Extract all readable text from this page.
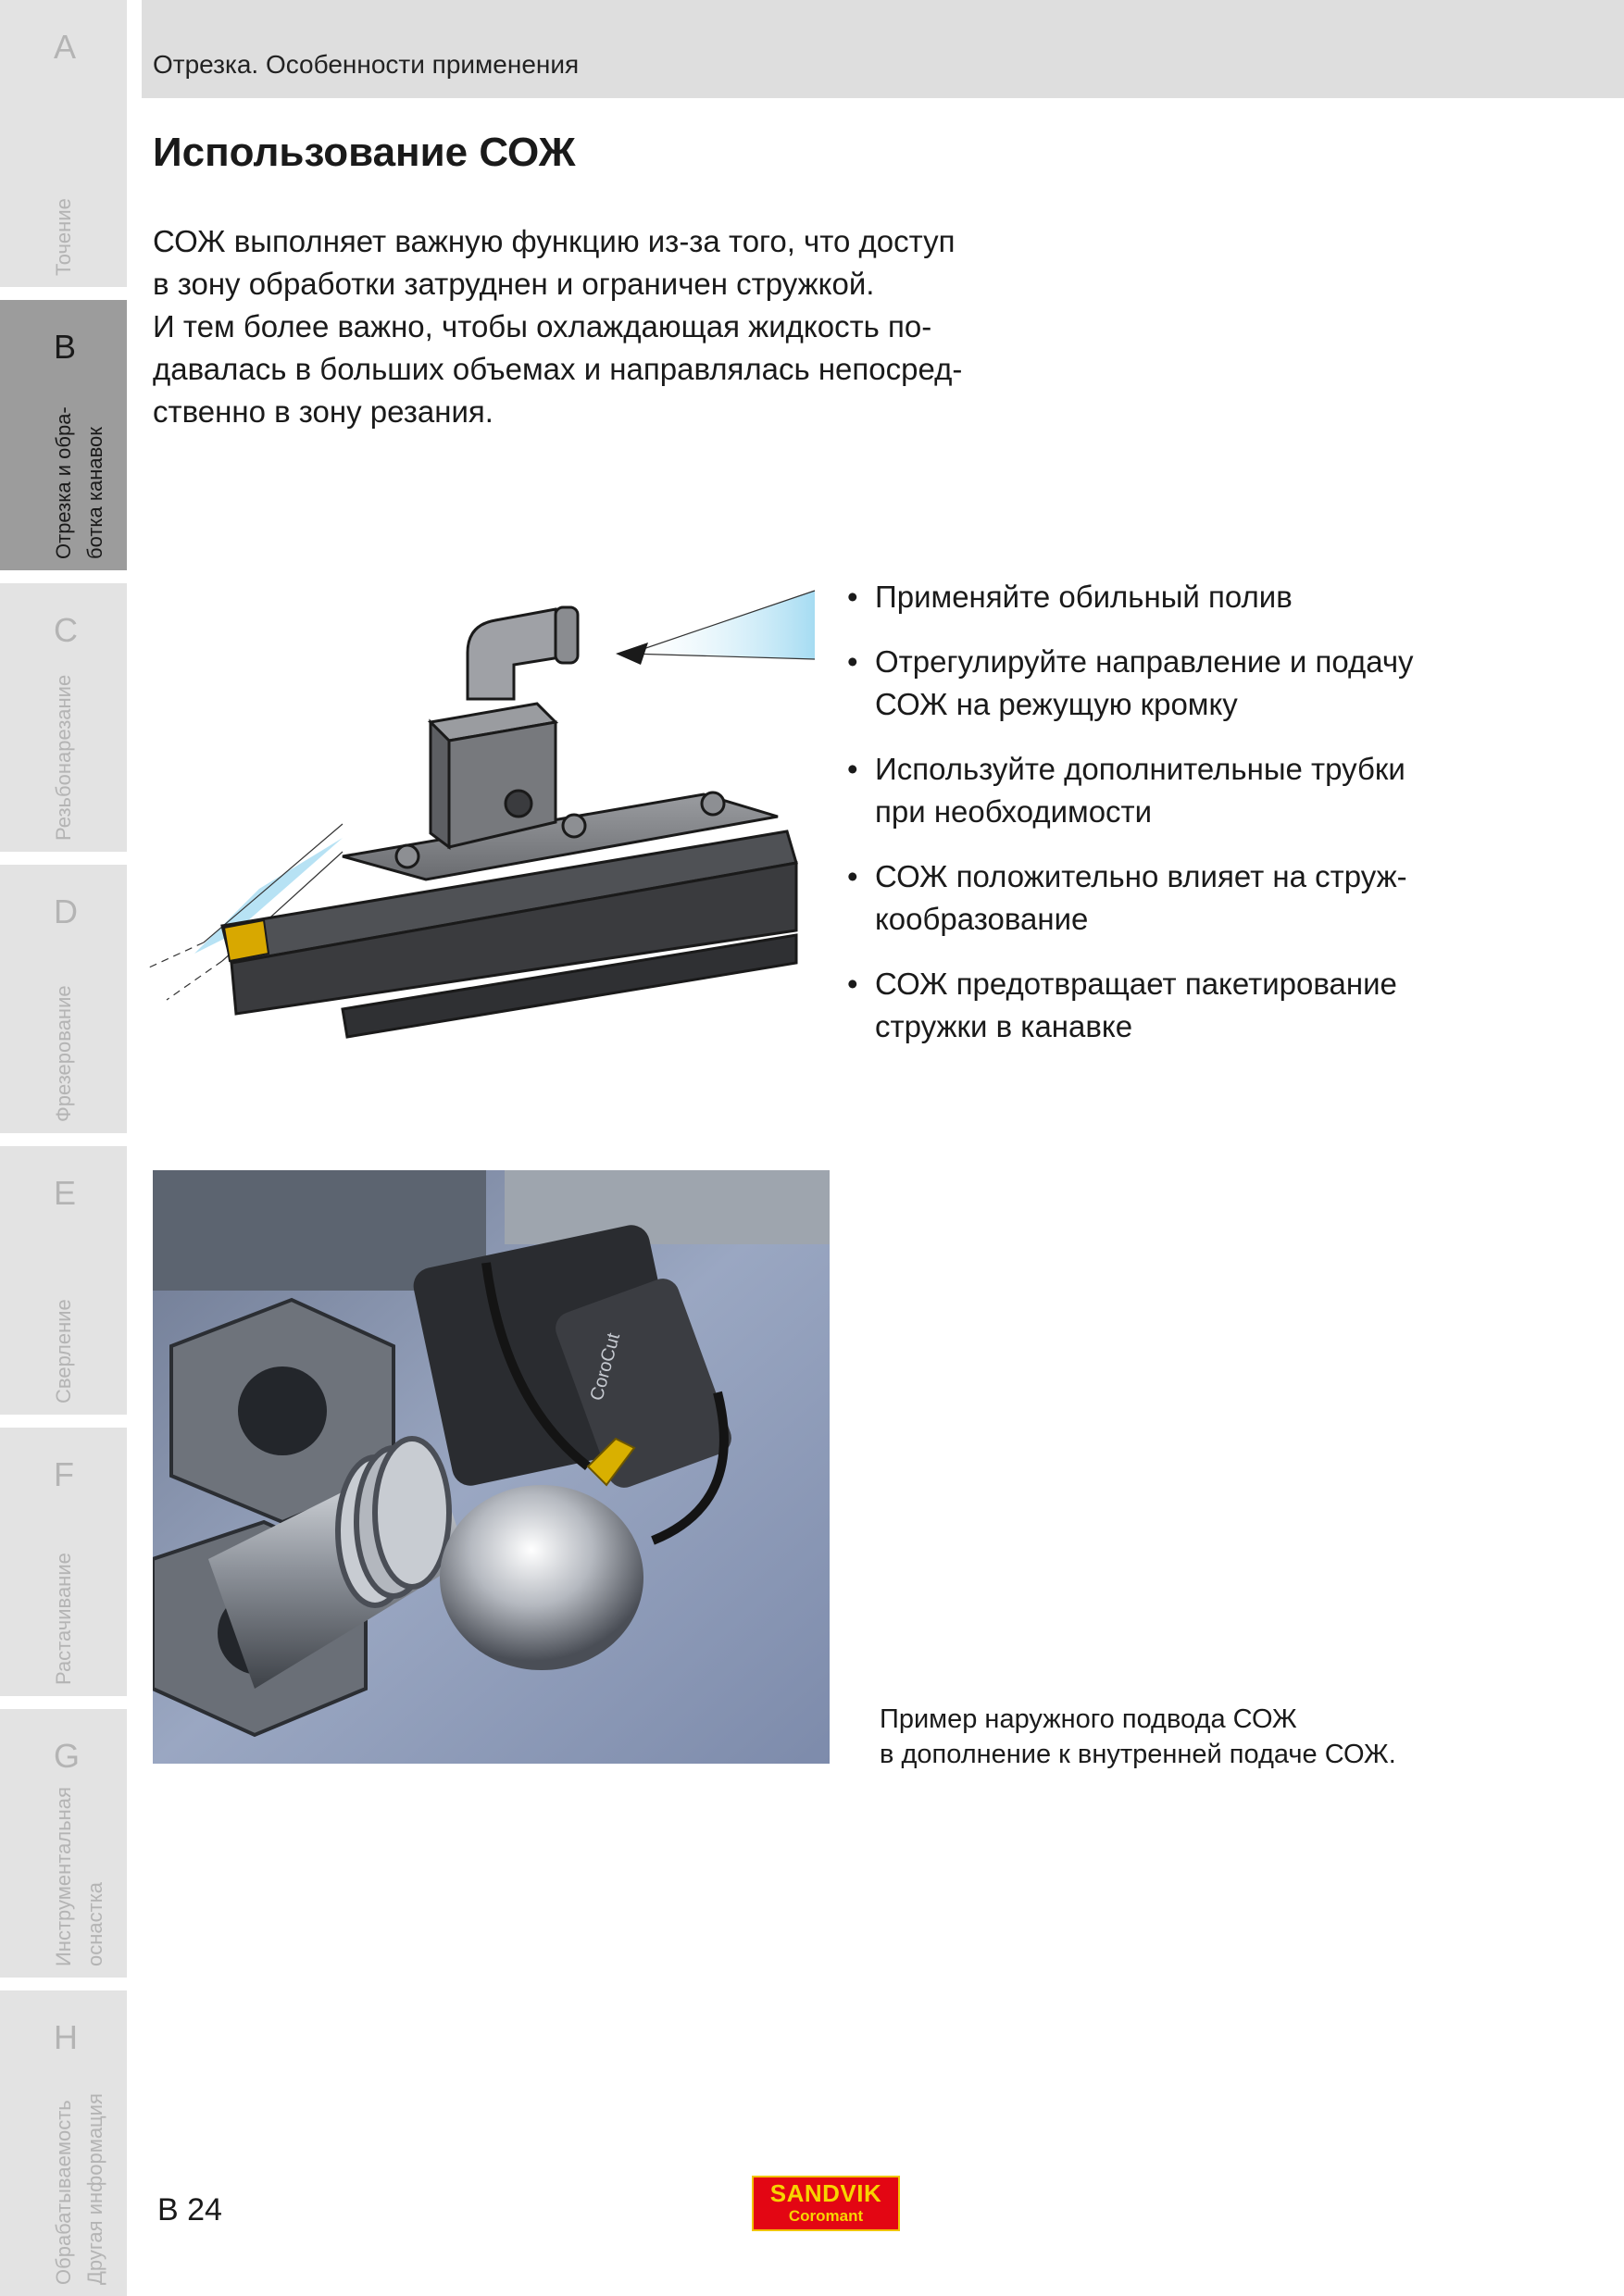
A
Точение
B
Отрезка и обра-
ботка канавок
C
Резьбонарезание
D
Фрезерование
E
Сверление
F
Растачивание
G
Инструментальная
оснастка
H
Обрабатываемость
Другая информация
Отрезка. Особенности применения
Использование СОЖ
СОЖ выполняет важную функцию из-за того, что доступ
в зону обработки затруднен и ограничен стружкой.
И тем более важно, чтобы охлаждающая жидкость по-
давалась в больших объемах и направлялась непосред-
ственно в зону резания.
• Применяйте обильный полив
• Отрегулируйте направление и подачу
СОЖ на режущую кромку
• Используйте дополнительные трубки
при необходимости
• СОЖ положительно влияет на струж-
кообразование
• СОЖ предотвращает пакетирование
стружки в канавке
CoroCut
Пример наружного подвода СОЖ
в дополнение к внутренней подаче СОЖ.
B 24	SANDVIK
Coromant
